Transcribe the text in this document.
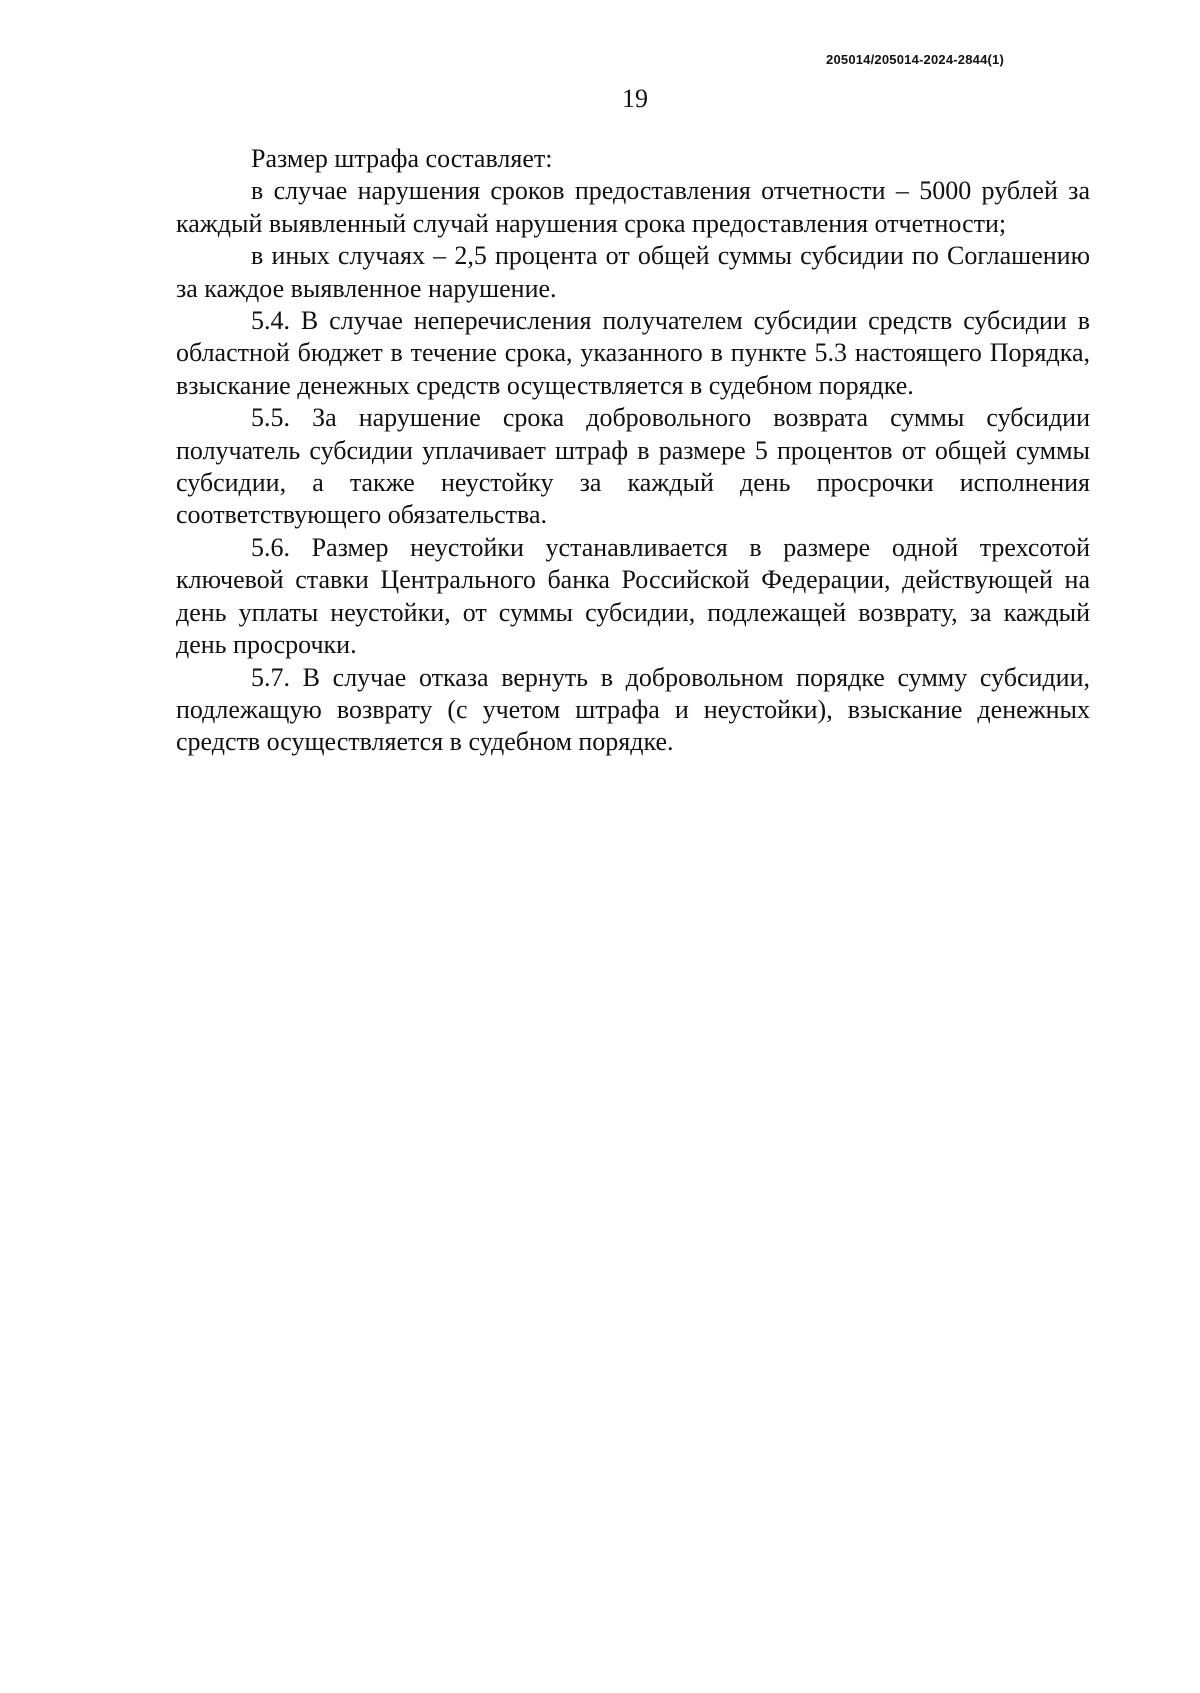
205014/205014-2024-2844(1)
19

Размер штрафа составляет:

в случае нарушения сроков предоставления отчетности – 5000 рублей за каждый выявленный случай нарушения срока предоставления отчетности;

в иных случаях – 2,5 процента от общей суммы субсидии по Соглашению за каждое выявленное нарушение.

5.4. В случае неперечисления получателем субсидии средств субсидии в областной бюджет в течение срока, указанного в пункте 5.3 настоящего Порядка, взыскание денежных средств осуществляется в судебном порядке.

5.5. За нарушение срока добровольного возврата суммы субсидии получатель субсидии уплачивает штраф в размере 5 процентов от общей суммы субсидии, а также неустойку за каждый день просрочки исполнения соответствующего обязательства.

5.6. Размер неустойки устанавливается в размере одной трехсотой ключевой ставки Центрального банка Российской Федерации, действующей на день уплаты неустойки, от суммы субсидии, подлежащей возврату, за каждый день просрочки.

5.7. В случае отказа вернуть в добровольном порядке сумму субсидии, подлежащую возврату (с учетом штрафа и неустойки), взыскание денежных средств осуществляется в судебном порядке.
